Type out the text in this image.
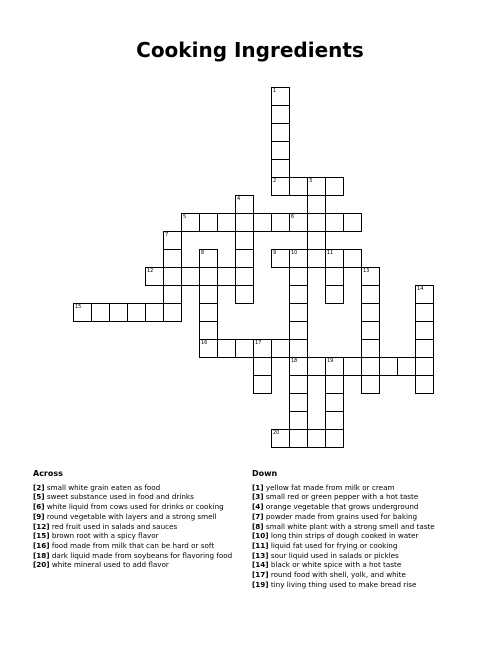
Cooking Ingredients
1
2	3
4
5	6
7
8
16
9	10	11
18
12	13
14
15
17
19
20
Across
[2] small white grain eaten as food
[5] sweet substance used in food and drinks
[6] white liquid from cows used for drinks or cooking
[9] round vegetable with layers and a strong smell
[12] red fruit used in salads and sauces
[15] brown root with a spicy flavor
[16] food made from milk that can be hard or soft
[18] dark liquid made from soybeans for flavoring food
[20] white mineral used to add flavor
Down
[1] yellow fat made from milk or cream
[3] small red or green pepper with a hot taste
[4] orange vegetable that grows underground
[7] powder made from grains used for baking
[8] small white plant with a strong smell and taste
[10] long thin strips of dough cooked in water
[11] liquid fat used for frying or cooking
[13] sour liquid used in salads or pickles
[14] black or white spice with a hot taste
[17] round food with shell, yolk, and white
[19] tiny living thing used to make bread rise
